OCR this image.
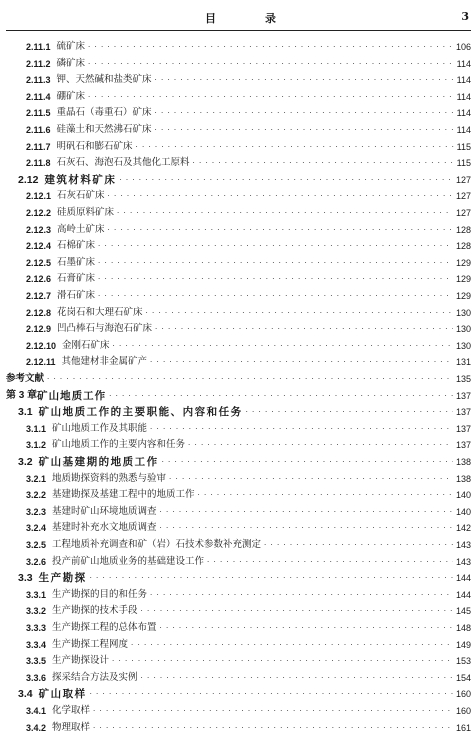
目	录	3
2.11.1 硫矿床 . . .	106
2.11.2 磷矿床 . . .	114
2.11.3 钾、天然碱和盐类矿床 . . .	114
2.11.4 硼矿床 . . .	114
2.11.5 重晶石（毒重石）矿床 . . .	114
2.11.6 硅藻土和天然沸石矿床 . . .	114
2.11.7 明矾石和膨石矿床 . . .	115
2.11.8 石灰石、海泡石及其他化工原料 . . .	115
2.12 建筑材料矿床 . . .	127
2.12.1 石灰石矿床 . . .	127
2.12.2 硅质原料矿床 . . .	127
2.12.3 高岭土矿床 . . .	128
2.12.4 石棉矿床 . . .	128
2.12.5 石墨矿床 . . .	129
2.12.6 石膏矿床 . . .	129
2.12.7 滑石矿床 . . .	129
2.12.8 花岗石和大理石矿床 . . .	130
2.12.9 凹凸棒石与海泡石矿床 . . .	130
2.12.10 金刚石矿床 . . .	130
2.12.11 其他建材非金属矿产 . . .	131
参考文献 . . .	135
第 3 章 矿山地质工作 . . .	137
3.1 矿山地质工作的主要职能、内容和任务 . . .	137
3.1.1 矿山地质工作及其职能 . . .	137
3.1.2 矿山地质工作的主要内容和任务 . . .	137
3.2 矿山基建期的地质工作 . . .	138
3.2.1 地质勘探资料的熟悉与验审 . . .	138
3.2.2 基建勘探及基建工程中的地质工作 . . .	140
3.2.3 基建时矿山环境地质调查 . . .	140
3.2.4 基建时补充水文地质调查 . . .	142
3.2.5 工程地质补充调查和矿（岩）石技术参数补充测定 . . .	143
3.2.6 投产前矿山地质业务的基础建设工作 . . .	143
3.3 生产勘探 . . .	144
3.3.1 生产勘探的目的和任务 . . .	144
3.3.2 生产勘探的技术手段 . . .	145
3.3.3 生产勘探工程的总体布置 . . .	148
3.3.4 生产勘探工程网度 . . .	149
3.3.5 生产勘探设计 . . .	153
3.3.6 探采结合方法及实例 . . .	154
3.4 矿山取样 . . .	160
3.4.1 化学取样 . . .	160
3.4.2 物理取样 . . .	161
